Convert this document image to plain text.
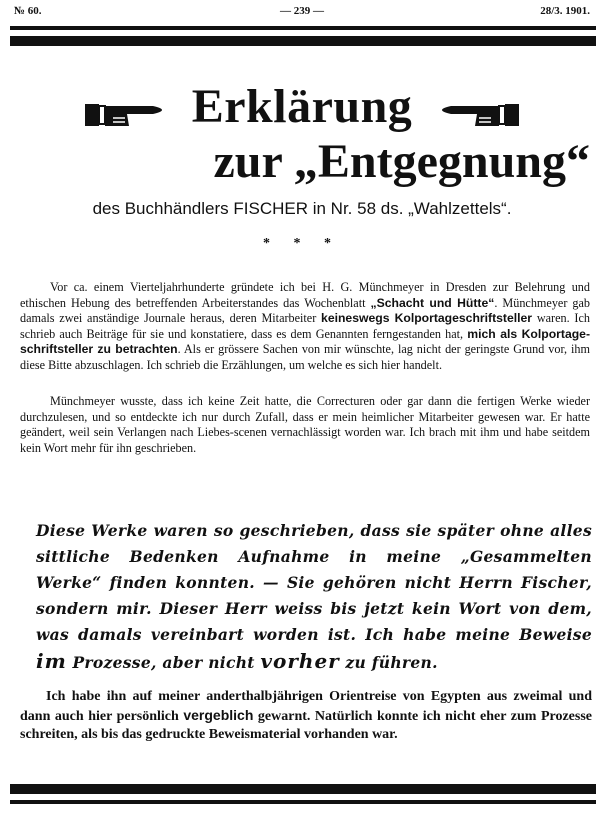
№ 60.	— 239 —	28/3. 1901.
Erklärung
zur „Entgegnung“
des Buchhändlers FISCHER in Nr. 58 ds. „Wahlzettels“.
* * *
Vor ca. einem Vierteljahrhunderte gründete ich bei H. G. Münchmeyer in Dresden zur Belehrung und ethischen Hebung des betreffenden Arbeiterstandes das Wochenblatt „Schacht und Hütte“. Münchmeyer gab damals zwei anständige Journale heraus, deren Mitarbeiter keineswegs Kolportageschriftsteller waren. Ich schrieb auch Beiträge für sie und konstatiere, dass es dem Genannten ferngestanden hat, mich als Kolportage-schriftsteller zu betrachten. Als er grössere Sachen von mir wünschte, lag nicht der geringste Grund vor, ihm diese Bitte abzuschlagen. Ich schrieb die Erzählungen, um welche es sich hier handelt.
Münchmeyer wusste, dass ich keine Zeit hatte, die Correcturen oder gar dann die fertigen Werke wieder durchzulesen, und so entdeckte ich nur durch Zufall, dass er mein heimlicher Mitarbeiter gewesen war. Er hatte geändert, weil sein Verlangen nach Liebes-scenen vernachlässigt worden war. Ich brach mit ihm und habe seitdem kein Wort mehr für ihn geschrieben.
Diese Werke waren so geschrieben, dass sie später ohne alles sittliche Bedenken Aufnahme in meine „Gesammelten Werke“ finden konnten. — Sie gehören nicht Herrn Fischer, sondern mir. Dieser Herr weiss bis jetzt kein Wort von dem, was damals vereinbart worden ist. Ich habe meine Beweise im Prozesse, aber nicht vorher zu führen.
Ich habe ihn auf meiner anderthalbjährigen Orientreise von Egypten aus zweimal und dann auch hier persönlich vergeblich gewarnt. Natürlich konnte ich nicht eher zum Prozesse schreiten, als bis das gedruckte Beweismaterial vorhanden war.
